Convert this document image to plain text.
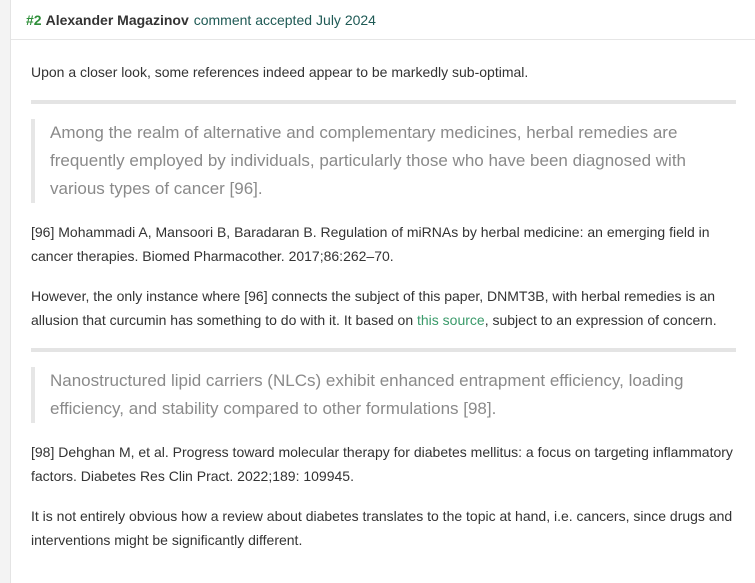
#2 Alexander Magazinov comment accepted July 2024

Upon a closer look, some references indeed appear to be markedly sub-optimal.

Among the realm of alternative and complementary medicines, herbal remedies are frequently employed by individuals, particularly those who have been diagnosed with various types of cancer [96].

[96] Mohammadi A, Mansoori B, Baradaran B. Regulation of miRNAs by herbal medicine: an emerging field in cancer therapies. Biomed Pharmacother. 2017;86:262–70.

However, the only instance where [96] connects the subject of this paper, DNMT3B, with herbal remedies is an allusion that curcumin has something to do with it. It based on this source, subject to an expression of concern.

Nanostructured lipid carriers (NLCs) exhibit enhanced entrapment efficiency, loading efficiency, and stability compared to other formulations [98].

[98] Dehghan M, et al. Progress toward molecular therapy for diabetes mellitus: a focus on targeting inflammatory factors. Diabetes Res Clin Pract. 2022;189: 109945.

It is not entirely obvious how a review about diabetes translates to the topic at hand, i.e. cancers, since drugs and interventions might be significantly different.
